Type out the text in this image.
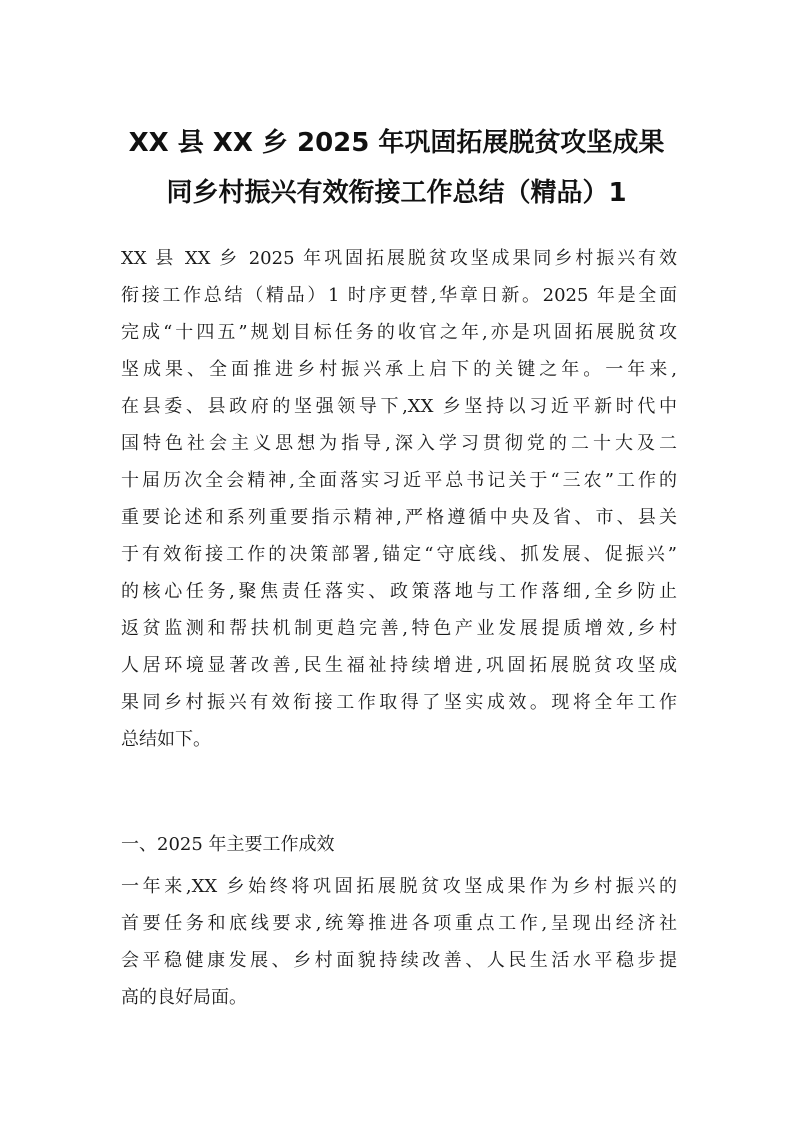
XX 县 XX 乡 2025 年巩固拓展脱贫攻坚成果
同乡村振兴有效衔接工作总结（精品）1
XX 县 XX 乡 2025 年巩固拓展脱贫攻坚成果同乡村振兴有效
衔接工作总结（精品）1 时序更替,华章日新。2025 年是全面
完成“十四五”规划目标任务的收官之年,亦是巩固拓展脱贫攻
坚成果、全面推进乡村振兴承上启下的关键之年。一年来,
在县委、县政府的坚强领导下,XX 乡坚持以习近平新时代中
国特色社会主义思想为指导,深入学习贯彻党的二十大及二
十届历次全会精神,全面落实习近平总书记关于“三农”工作的
重要论述和系列重要指示精神,严格遵循中央及省、市、县关
于有效衔接工作的决策部署,锚定“守底线、抓发展、促振兴”
的核心任务,聚焦责任落实、政策落地与工作落细,全乡防止
返贫监测和帮扶机制更趋完善,特色产业发展提质增效,乡村
人居环境显著改善,民生福祉持续增进,巩固拓展脱贫攻坚成
果同乡村振兴有效衔接工作取得了坚实成效。现将全年工作
总结如下。
一、2025 年主要工作成效
一年来,XX 乡始终将巩固拓展脱贫攻坚成果作为乡村振兴的
首要任务和底线要求,统筹推进各项重点工作,呈现出经济社
会平稳健康发展、乡村面貌持续改善、人民生活水平稳步提
高的良好局面。
